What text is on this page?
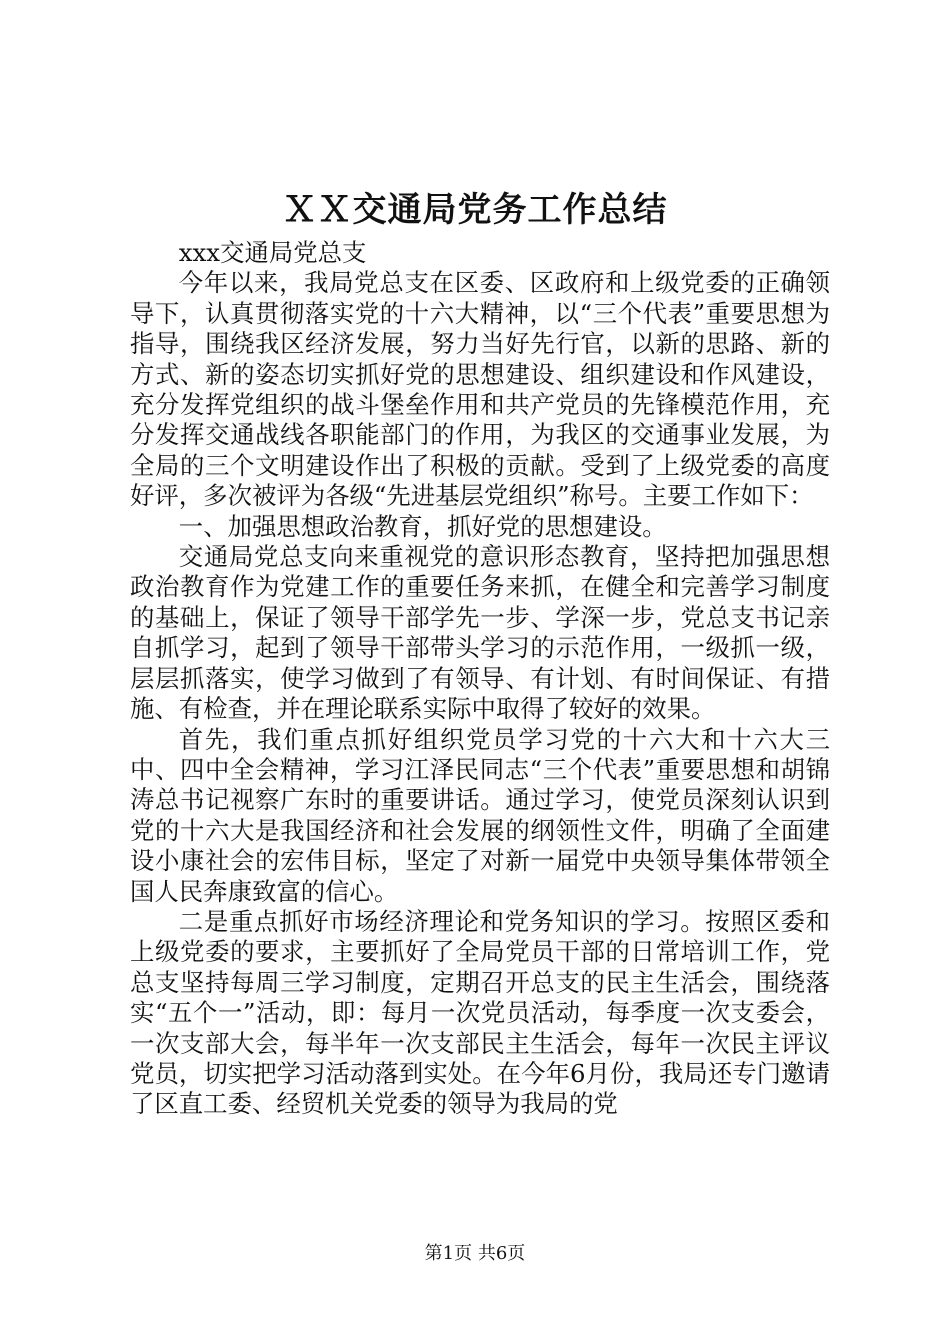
ＸＸ交通局党务工作总结

xxx交通局党总支

今年以来，我局党总支在区委、区政府和上级党委的正确领导下，认真贯彻落实党的十六大精神，以“三个代表”重要思想为指导，围绕我区经济发展，努力当好先行官，以新的思路、新的方式、新的姿态切实抓好党的思想建设、组织建设和作风建设，充分发挥党组织的战斗堡垒作用和共产党员的先锋模范作用，充分发挥交通战线各职能部门的作用，为我区的交通事业发展，为全局的三个文明建设作出了积极的贡献。受到了上级党委的高度好评，多次被评为各级“先进基层党组织”称号。主要工作如下：

一、加强思想政治教育，抓好党的思想建设。

交通局党总支向来重视党的意识形态教育，坚持把加强思想政治教育作为党建工作的重要任务来抓，在健全和完善学习制度的基础上，保证了领导干部学先一步、学深一步，党总支书记亲自抓学习，起到了领导干部带头学习的示范作用，一级抓一级，层层抓落实，使学习做到了有领导、有计划、有时间保证、有措施、有检查，并在理论联系实际中取得了较好的效果。

首先，我们重点抓好组织党员学习党的十六大和十六大三中、四中全会精神，学习江泽民同志“三个代表”重要思想和胡锦涛总书记视察广东时的重要讲话。通过学习，使党员深刻认识到党的十六大是我国经济和社会发展的纲领性文件，明确了全面建设小康社会的宏伟目标，坚定了对新一届党中央领导集体带领全国人民奔康致富的信心。

二是重点抓好市场经济理论和党务知识的学习。按照区委和上级党委的要求，主要抓好了全局党员干部的日常培训工作，党总支坚持每周三学习制度，定期召开总支的民主生活会，围绕落实“五个一”活动，即：每月一次党员活动，每季度一次支委会，一次支部大会，每半年一次支部民主生活会，每年一次民主评议党员，切实把学习活动落到实处。在今年6月份，我局还专门邀请了区直工委、经贸机关党委的领导为我局的党

第1页 共6页
